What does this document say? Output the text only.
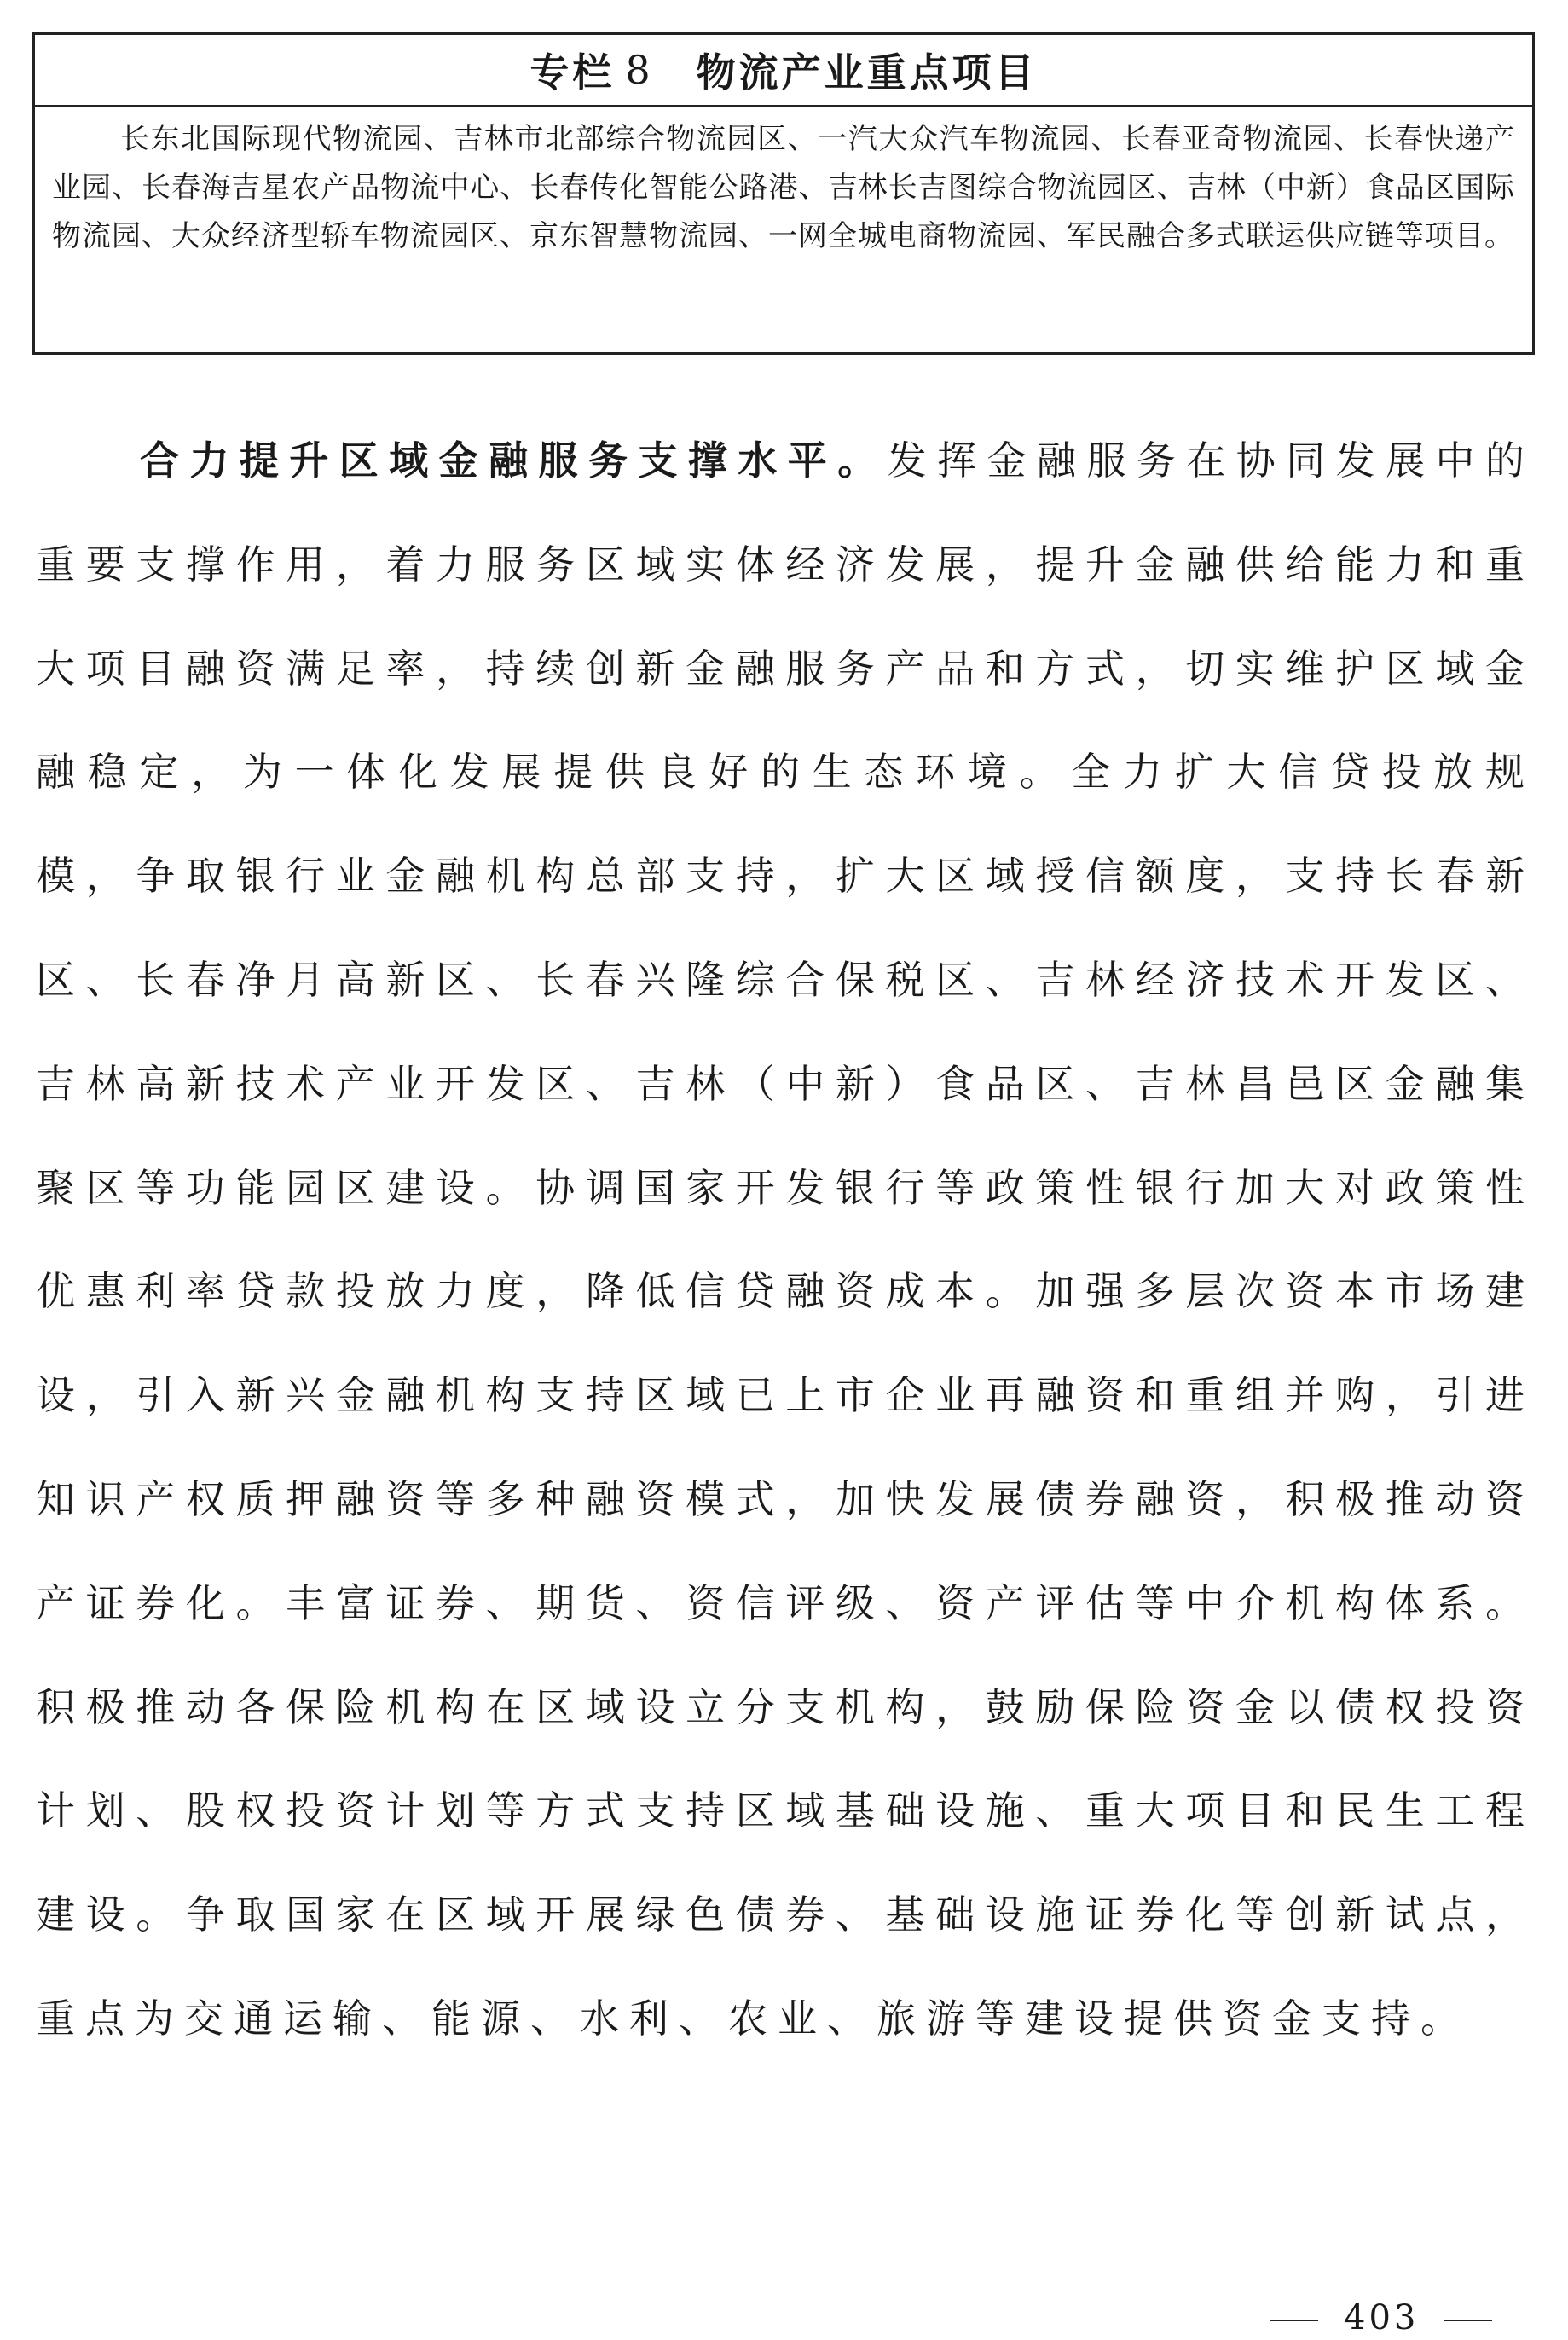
专栏 8 物流产业重点项目
长东北国际现代物流园、吉林市北部综合物流园区、一汽大众汽车物流园、长春亚奇物流园、长春快递产业园、长春海吉星农产品物流中心、长春传化智能公路港、吉林长吉图综合物流园区、吉林（中新）食品区国际物流园、大众经济型轿车物流园区、京东智慧物流园、一网全城电商物流园、军民融合多式联运供应链等项目。

合力提升区域金融服务支撑水平。发挥金融服务在协同发展中的重要支撑作用，着力服务区域实体经济发展，提升金融供给能力和重大项目融资满足率，持续创新金融服务产品和方式，切实维护区域金融稳定，为一体化发展提供良好的生态环境。全力扩大信贷投放规模，争取银行业金融机构总部支持，扩大区域授信额度，支持长春新区、长春净月高新区、长春兴隆综合保税区、吉林经济技术开发区、吉林高新技术产业开发区、吉林（中新）食品区、吉林昌邑区金融集聚区等功能园区建设。协调国家开发银行等政策性银行加大对政策性优惠利率贷款投放力度，降低信贷融资成本。加强多层次资本市场建设，引入新兴金融机构支持区域已上市企业再融资和重组并购，引进知识产权质押融资等多种融资模式，加快发展债券融资，积极推动资产证券化。丰富证券、期货、资信评级、资产评估等中介机构体系。积极推动各保险机构在区域设立分支机构，鼓励保险资金以债权投资计划、股权投资计划等方式支持区域基础设施、重大项目和民生工程建设。争取国家在区域开展绿色债券、基础设施证券化等创新试点，重点为交通运输、能源、水利、农业、旅游等建设提供资金支持。

403
